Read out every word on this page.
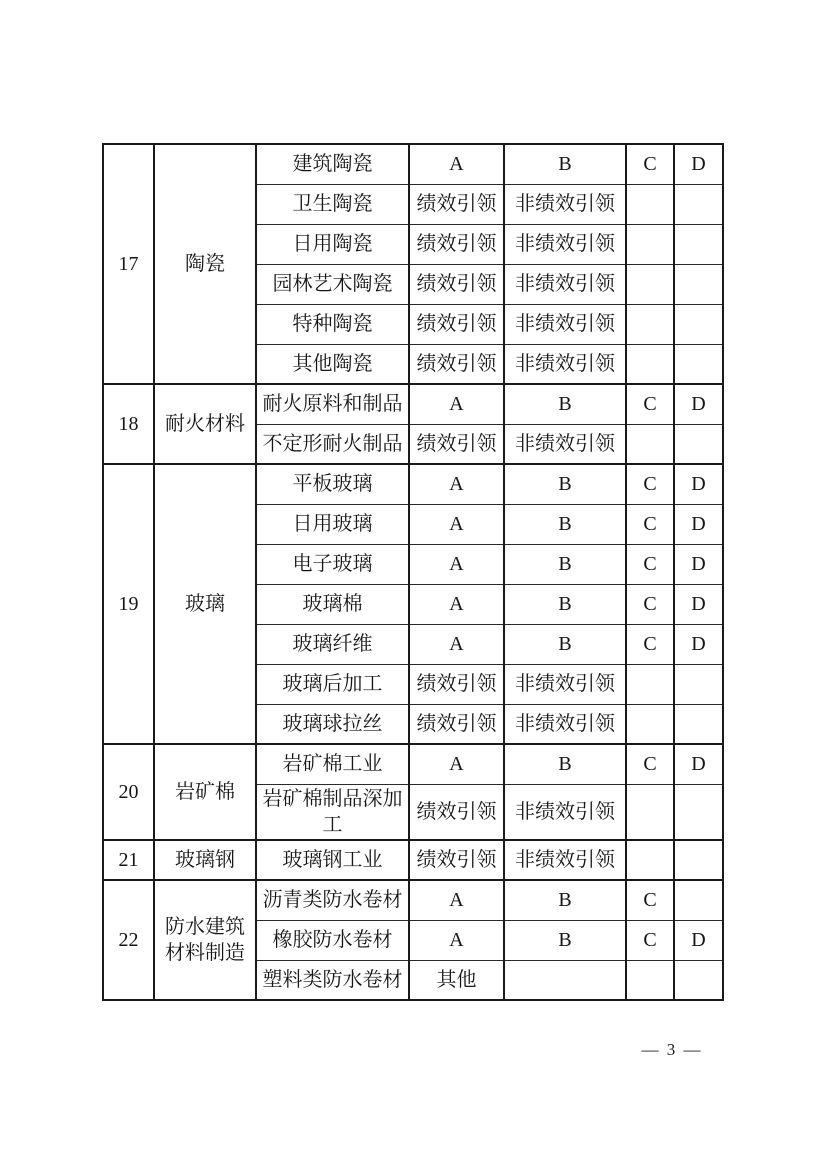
17	陶瓷	建筑陶瓷	A	B	C	D
		卫生陶瓷	绩效引领	非绩效引领		
		日用陶瓷	绩效引领	非绩效引领		
		园林艺术陶瓷	绩效引领	非绩效引领		
		特种陶瓷	绩效引领	非绩效引领		
		其他陶瓷	绩效引领	非绩效引领		
18	耐火材料	耐火原料和制品	A	B	C	D
		不定形耐火制品	绩效引领	非绩效引领		
19	玻璃	平板玻璃	A	B	C	D
		日用玻璃	A	B	C	D
		电子玻璃	A	B	C	D
		玻璃棉	A	B	C	D
		玻璃纤维	A	B	C	D
		玻璃后加工	绩效引领	非绩效引领		
		玻璃球拉丝	绩效引领	非绩效引领		
20	岩矿棉	岩矿棉工业	A	B	C	D
		岩矿棉制品深加工	绩效引领	非绩效引领		
21	玻璃钢	玻璃钢工业	绩效引领	非绩效引领		
22	防水建筑 材料制造	沥青类防水卷材	A	B	C	
		橡胶防水卷材	A	B	C	D
		塑料类防水卷材	其他			
— 3 —
